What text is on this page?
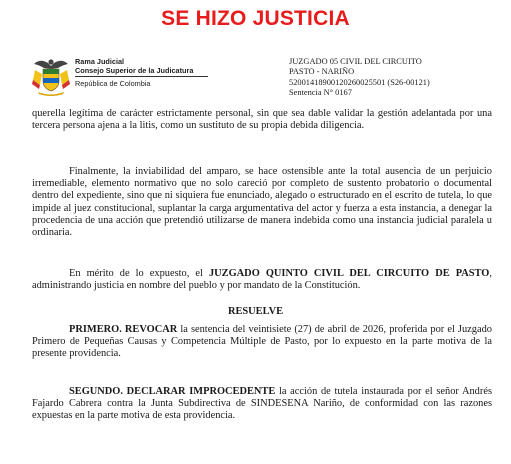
SE HIZO JUSTICIA
Rama Judicial
Consejo Superior de la Judicatura
República de Colombia
JUZGADO 05 CIVIL DEL CIRCUITO
PASTO - NARIÑO
52001418900120260025501 (S26-00121)
Sentencia N° 0167
querella legítima de carácter estrictamente personal, sin que sea dable validar la gestión adelantada por una tercera persona ajena a la litis, como un sustituto de su propia debida diligencia.
Finalmente, la inviabilidad del amparo, se hace ostensible ante la total ausencia de un perjuicio irremediable, elemento normativo que no solo careció por completo de sustento probatorio o documental dentro del expediente, sino que ni siquiera fue enunciado, alegado o estructurado en el escrito de tutela, lo que impide al juez constitucional, suplantar la carga argumentativa del actor y fuerza a esta instancia, a denegar la procedencia de una acción que pretendió utilizarse de manera indebida como una instancia judicial paralela u ordinaria.
En mérito de lo expuesto, el JUZGADO QUINTO CIVIL DEL CIRCUITO DE PASTO, administrando justicia en nombre del pueblo y por mandato de la Constitución.
RESUELVE
PRIMERO. REVOCAR la sentencia del veintisiete (27) de abril de 2026, proferida por el Juzgado Primero de Pequeñas Causas y Competencia Múltiple de Pasto, por lo expuesto en la parte motiva de la presente providencia.
SEGUNDO. DECLARAR IMPROCEDENTE la acción de tutela instaurada por el señor Andrés Fajardo Cabrera contra la Junta Subdirectiva de SINDESENA Nariño, de conformidad con las razones expuestas en la parte motiva de esta providencia.
